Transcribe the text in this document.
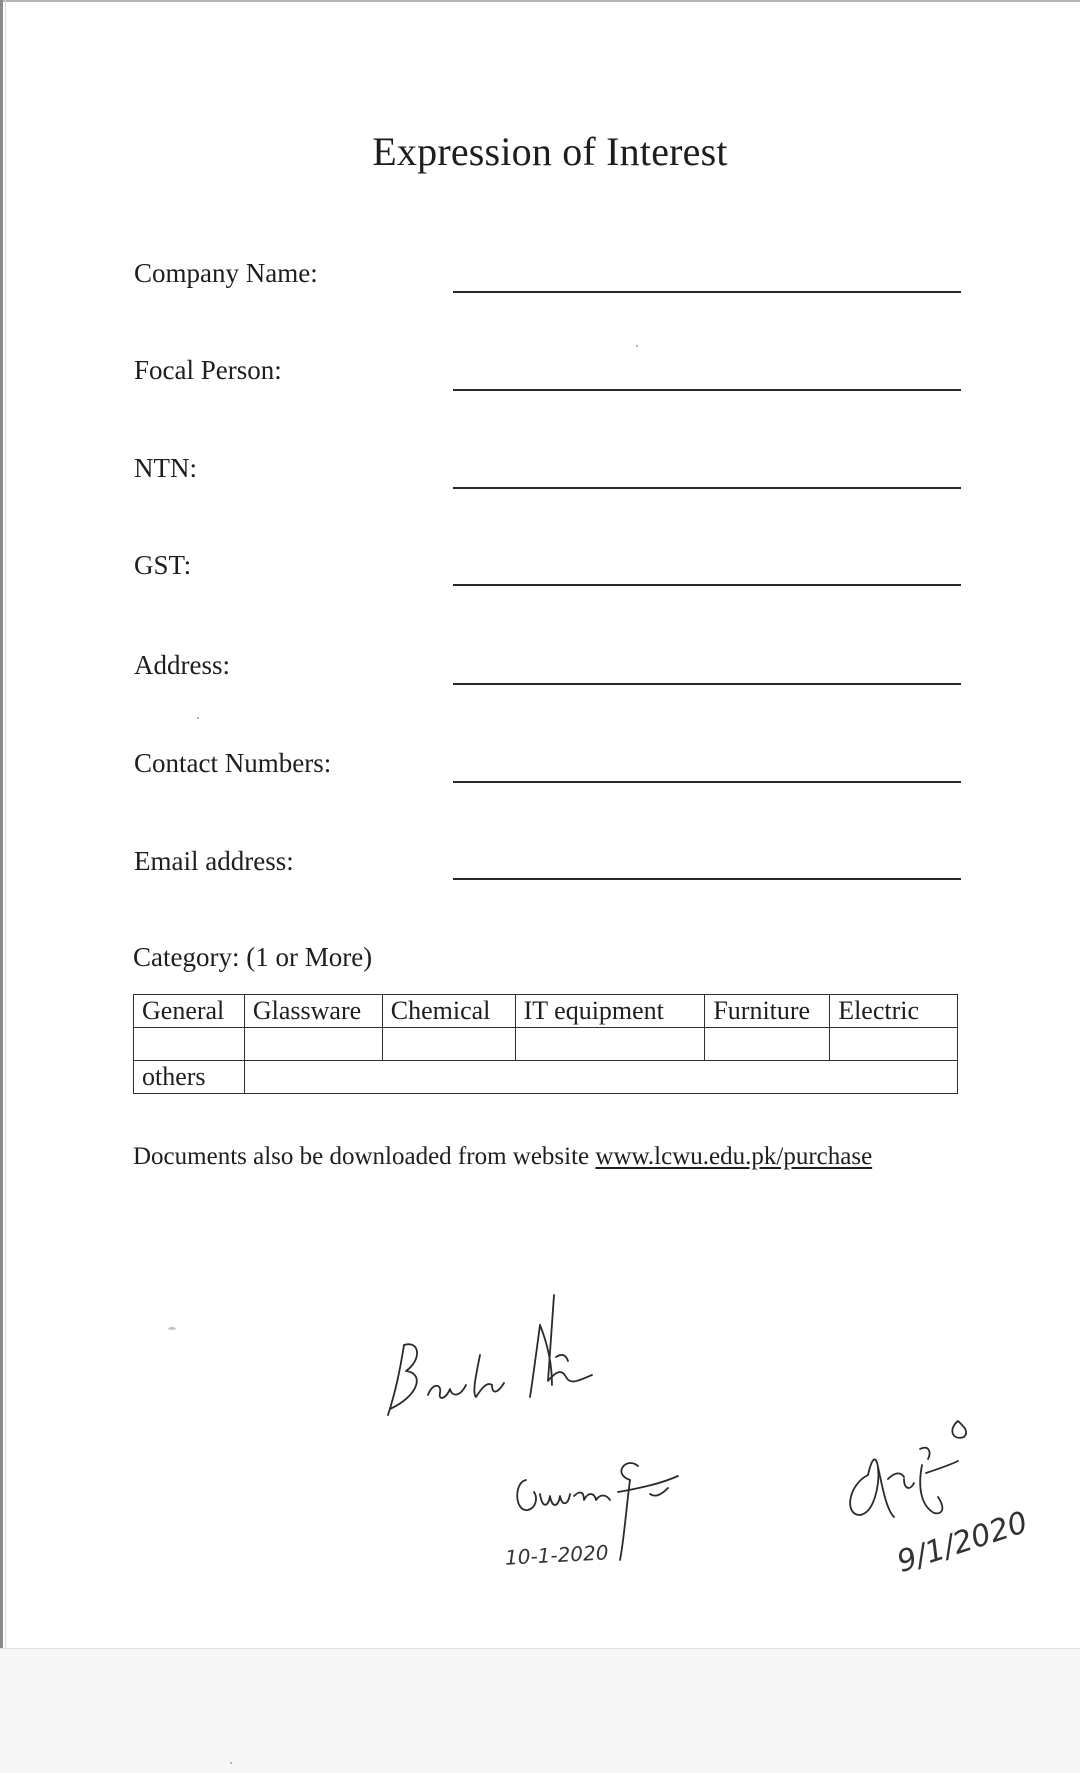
Expression of Interest
Company Name:
Focal Person:
NTN:
GST:
Address:
Contact Numbers:
Email address:
Category: (1 or More)
General	Glassware	Chemical	IT equipment	Furniture	Electric

others					
Documents also be downloaded from website www.lcwu.edu.pk/purchase
10-1-2020	9/1/2020
